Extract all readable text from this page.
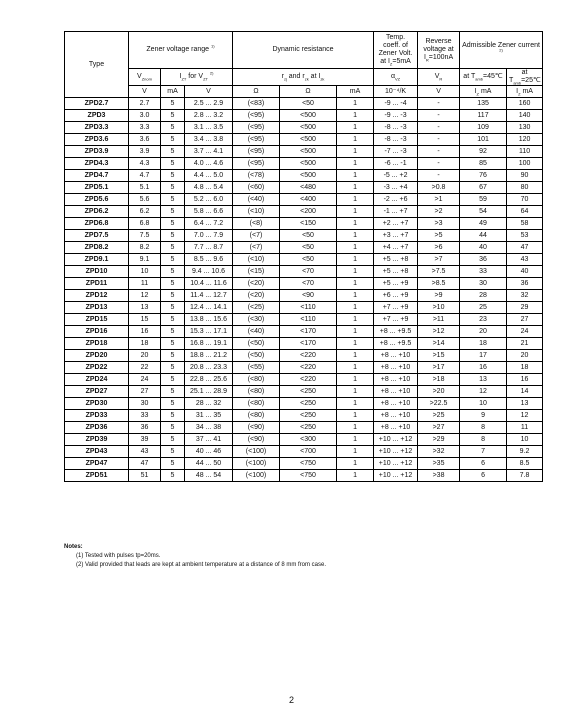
Type	Zener voltage range $^{1)}$			Dynamic resistance			Temp.
coeff. of
Zener Volt.
at $I_Z=5mA$	Reverse
voltage at
$I_R=100nA$	Admissible Zener current $^{2)}$
	$V_{Znom}$	$I_{ZT}$ for $V_{ZT}$ $^{2)}$		$r_{zj}$ and $r_{zk}$ at $I_{zk}$			$\alpha_{VZ}$	$V_R$	at $T_{amb}=45℃$	at $T_{amb}=25℃$
	V	mA	V	Ω	Ω	mA	10⁻⁴/K	V	$I_Z$ mA	$I_Z$ mA
ZPD2.7	2.7	5	2.5 ... 2.9	(<83)	<50	1	-9 ... -4	-	135	160
ZPD3	3.0	5	2.8 ... 3.2	(<95)	<500	1	-9 ... -3	-	117	140
ZPD3.3	3.3	5	3.1 ... 3.5	(<95)	<500	1	-8 ... -3	-	109	130
ZPD3.6	3.6	5	3.4 ... 3.8	(<95)	<500	1	-8 ... -3	-	101	120
ZPD3.9	3.9	5	3.7 ... 4.1	(<95)	<500	1	-7 ... -3	-	92	110
ZPD4.3	4.3	5	4.0 ... 4.6	(<95)	<500	1	-6 ... -1	-	85	100
ZPD4.7	4.7	5	4.4 ... 5.0	(<78)	<500	1	-5 ... +2	-	76	90
ZPD5.1	5.1	5	4.8 ... 5.4	(<60)	<480	1	-3 ... +4	>0.8	67	80
ZPD5.6	5.6	5	5.2 ... 6.0	(<40)	<400	1	-2 ... +6	>1	59	70
ZPD6.2	6.2	5	5.8 ... 6.6	(<10)	<200	1	-1 ... +7	>2	54	64
ZPD6.8	6.8	5	6.4 ... 7.2	(<8)	<150	1	+2 ... +7	>3	49	58
ZPD7.5	7.5	5	7.0 ... 7.9	(<7)	<50	1	+3 ... +7	>5	44	53
ZPD8.2	8.2	5	7.7 ... 8.7	(<7)	<50	1	+4 ... +7	>6	40	47
ZPD9.1	9.1	5	8.5 ... 9.6	(<10)	<50	1	+5 ... +8	>7	36	43
ZPD10	10	5	9.4 ... 10.6	(<15)	<70	1	+5 ... +8	>7.5	33	40
ZPD11	11	5	10.4 ... 11.6	(<20)	<70	1	+5 ... +9	>8.5	30	36
ZPD12	12	5	11.4 ... 12.7	(<20)	<90	1	+6 ... +9	>9	28	32
ZPD13	13	5	12.4 ... 14.1	(<25)	<110	1	+7 ... +9	>10	25	29
ZPD15	15	5	13.8 ... 15.6	(<30)	<110	1	+7 ... +9	>11	23	27
ZPD16	16	5	15.3 ... 17.1	(<40)	<170	1	+8 ... +9.5	>12	20	24
ZPD18	18	5	16.8 ... 19.1	(<50)	<170	1	+8 ... +9.5	>14	18	21
ZPD20	20	5	18.8 ... 21.2	(<50)	<220	1	+8 ... +10	>15	17	20
ZPD22	22	5	20.8 ... 23.3	(<55)	<220	1	+8 ... +10	>17	16	18
ZPD24	24	5	22.8 ... 25.6	(<80)	<220	1	+8 ... +10	>18	13	16
ZPD27	27	5	25.1 ... 28.9	(<80)	<250	1	+8 ... +10	>20	12	14
ZPD30	30	5	28 ... 32	(<80)	<250	1	+8 ... +10	>22.5	10	13
ZPD33	33	5	31 ... 35	(<80)	<250	1	+8 ... +10	>25	9	12
ZPD36	36	5	34 ... 38	(<90)	<250	1	+8 ... +10	>27	8	11
ZPD39	39	5	37 ... 41	(<90)	<300	1	+10 ... +12	>29	8	10
ZPD43	43	5	40 ... 46	(<100)	<700	1	+10 ... +12	>32	7	9.2
ZPD47	47	5	44 ... 50	(<100)	<750	1	+10 ... +12	>35	6	8.5
ZPD51	51	5	48 ... 54	(<100)	<750	1	+10 ... +12	>38	6	7.8
Notes:
(1) Tested with pulses tp=20ms.
(2) Valid provided that leads are kept at ambient temperature at a distance of 8 mm from case.
2
